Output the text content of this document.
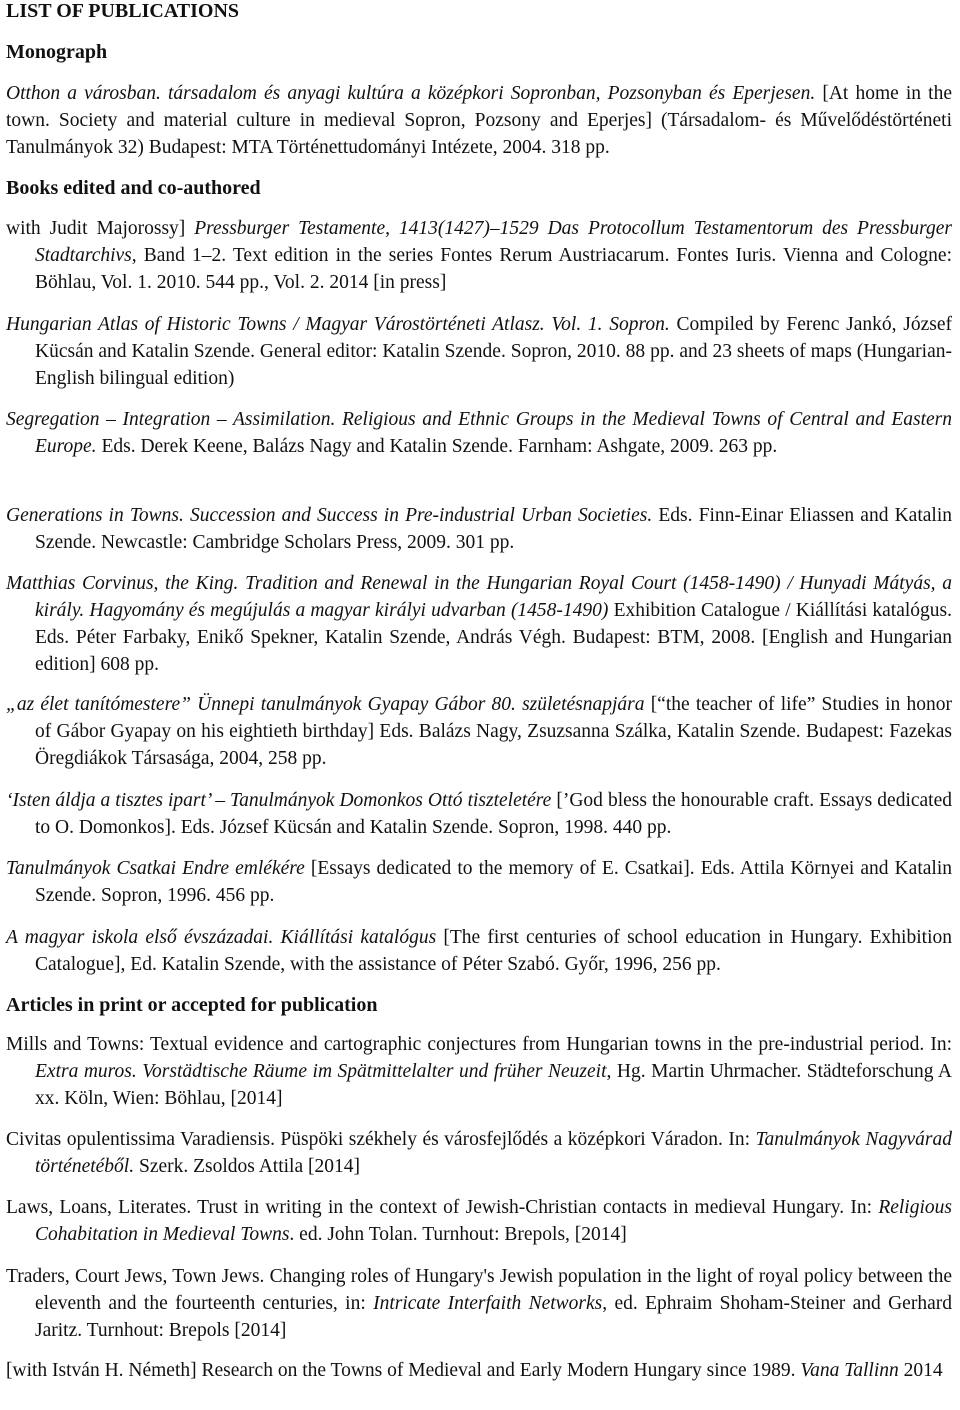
LIST OF PUBLICATIONS
Monograph

Otthon a városban. társadalom és anyagi kultúra a középkori Sopronban, Pozsonyban és Eperjesen. [At home in the town. Society and material culture in medieval Sopron, Pozsony and Eperjes] (Társadalom- és Művelődéstörténeti Tanulmányok 32) Budapest: MTA Történettudományi Intézete, 2004. 318 pp.

Books edited and co-authored

with Judit Majorossy] Pressburger Testamente, 1413(1427)–1529 Das Protocollum Testamentorum des Pressburger Stadtarchivs, Band 1–2. Text edition in the series Fontes Rerum Austriacarum. Fontes Iuris. Vienna and Cologne: Böhlau, Vol. 1. 2010. 544 pp., Vol. 2. 2014 [in press]

Hungarian Atlas of Historic Towns / Magyar Várostörténeti Atlasz. Vol. 1. Sopron. Compiled by Ferenc Jankó, József Kücsán and Katalin Szende. General editor: Katalin Szende. Sopron, 2010. 88 pp. and 23 sheets of maps (Hungarian-English bilingual edition)

Segregation – Integration – Assimilation. Religious and Ethnic Groups in the Medieval Towns of Central and Eastern Europe. Eds. Derek Keene, Balázs Nagy and Katalin Szende. Farnham: Ashgate, 2009. 263 pp.

Generations in Towns. Succession and Success in Pre-industrial Urban Societies. Eds. Finn-Einar Eliassen and Katalin Szende. Newcastle: Cambridge Scholars Press, 2009. 301 pp.

Matthias Corvinus, the King. Tradition and Renewal in the Hungarian Royal Court (1458-1490) / Hunyadi Mátyás, a király. Hagyomány és megújulás a magyar királyi udvarban (1458-1490) Exhibition Catalogue / Kiállítási katalógus. Eds. Péter Farbaky, Enikő Spekner, Katalin Szende, András Végh. Budapest: BTM, 2008. [English and Hungarian edition] 608 pp.

„az élet tanítómestere” Ünnepi tanulmányok Gyapay Gábor 80. születésnapjára [“the teacher of life” Studies in honor of Gábor Gyapay on his eightieth birthday] Eds. Balázs Nagy, Zsuzsanna Szálka, Katalin Szende. Budapest: Fazekas Öregdiákok Társasága, 2004, 258 pp.

‘Isten áldja a tisztes ipart’ – Tanulmányok Domonkos Ottó tiszteletére [’God bless the honourable craft. Essays dedicated to O. Domonkos]. Eds. József Kücsán and Katalin Szende. Sopron, 1998. 440 pp.

Tanulmányok Csatkai Endre emlékére [Essays dedicated to the memory of E. Csatkai]. Eds. Attila Környei and Katalin Szende. Sopron, 1996. 456 pp.

A magyar iskola első évszázadai. Kiállítási katalógus [The first centuries of school education in Hungary. Exhibition Catalogue], Ed. Katalin Szende, with the assistance of Péter Szabó. Győr, 1996, 256 pp.

Articles in print or accepted for publication

Mills and Towns: Textual evidence and cartographic conjectures from Hungarian towns in the pre-industrial period. In: Extra muros. Vorstädtische Räume im Spätmittelalter und früher Neuzeit, Hg. Martin Uhrmacher. Städteforschung A xx. Köln, Wien: Böhlau, [2014]

Civitas opulentissima Varadiensis. Püspöki székhely és városfejlődés a középkori Váradon. In: Tanulmányok Nagyvárad történetéből. Szerk. Zsoldos Attila [2014]

Laws, Loans, Literates. Trust in writing in the context of Jewish-Christian contacts in medieval Hungary. In: Religious Cohabitation in Medieval Towns. ed. John Tolan. Turnhout: Brepols, [2014]

Traders, Court Jews, Town Jews. Changing roles of Hungary's Jewish population in the light of royal policy between the eleventh and the fourteenth centuries, in: Intricate Interfaith Networks, ed. Ephraim Shoham-Steiner and Gerhard Jaritz. Turnhout: Brepols [2014]

[with István H. Németh] Research on the Towns of Medieval and Early Modern Hungary since 1989. Vana Tallinn 2014
